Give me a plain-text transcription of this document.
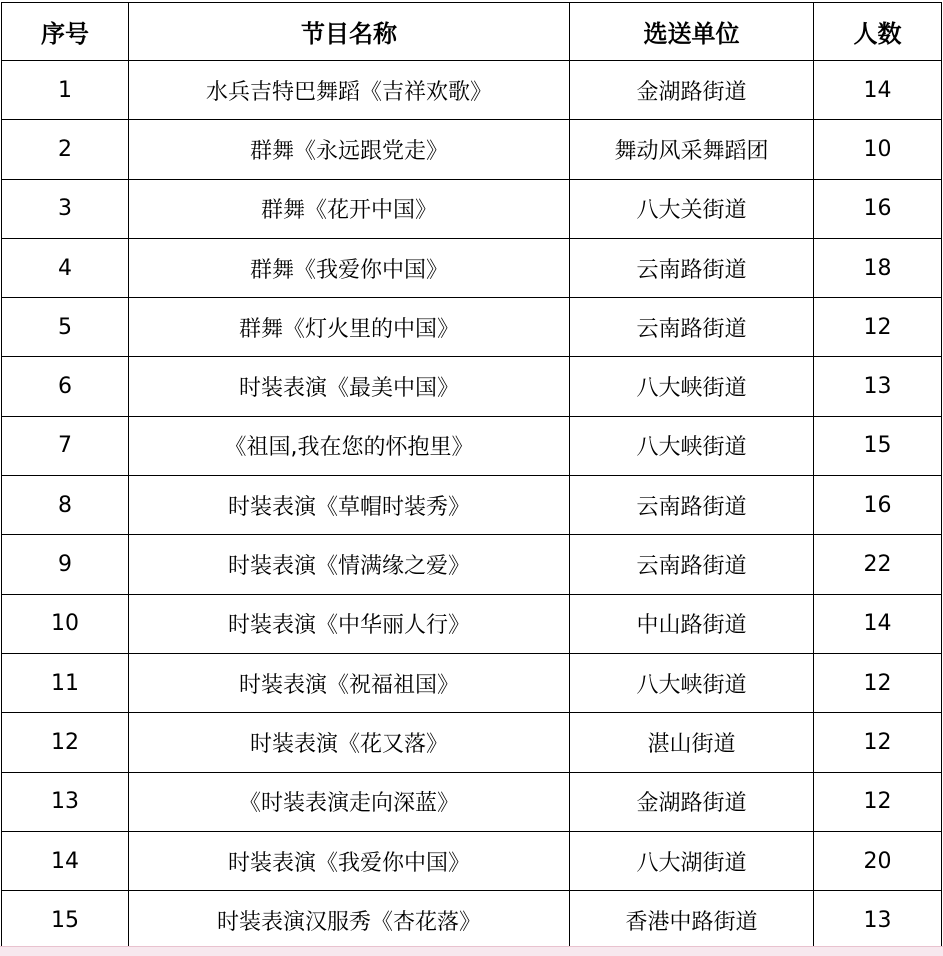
序号	节目名称	选送单位	人数
1	水兵吉特巴舞蹈《吉祥欢歌》	金湖路街道	14
2	群舞《永远跟党走》	舞动风采舞蹈团	10
3	群舞《花开中国》	八大关街道	16
4	群舞《我爱你中国》	云南路街道	18
5	群舞《灯火里的中国》	云南路街道	12
6	时装表演《最美中国》	八大峡街道	13
7	《祖国,我在您的怀抱里》	八大峡街道	15
8	时装表演《草帽时装秀》	云南路街道	16
9	时装表演《情满缘之爱》	云南路街道	22
10	时装表演《中华丽人行》	中山路街道	14
11	时装表演《祝福祖国》	八大峡街道	12
12	时装表演《花又落》	湛山街道	12
13	《时装表演走向深蓝》	金湖路街道	12
14	时装表演《我爱你中国》	八大湖街道	20
15	时装表演汉服秀《杏花落》	香港中路街道	13
